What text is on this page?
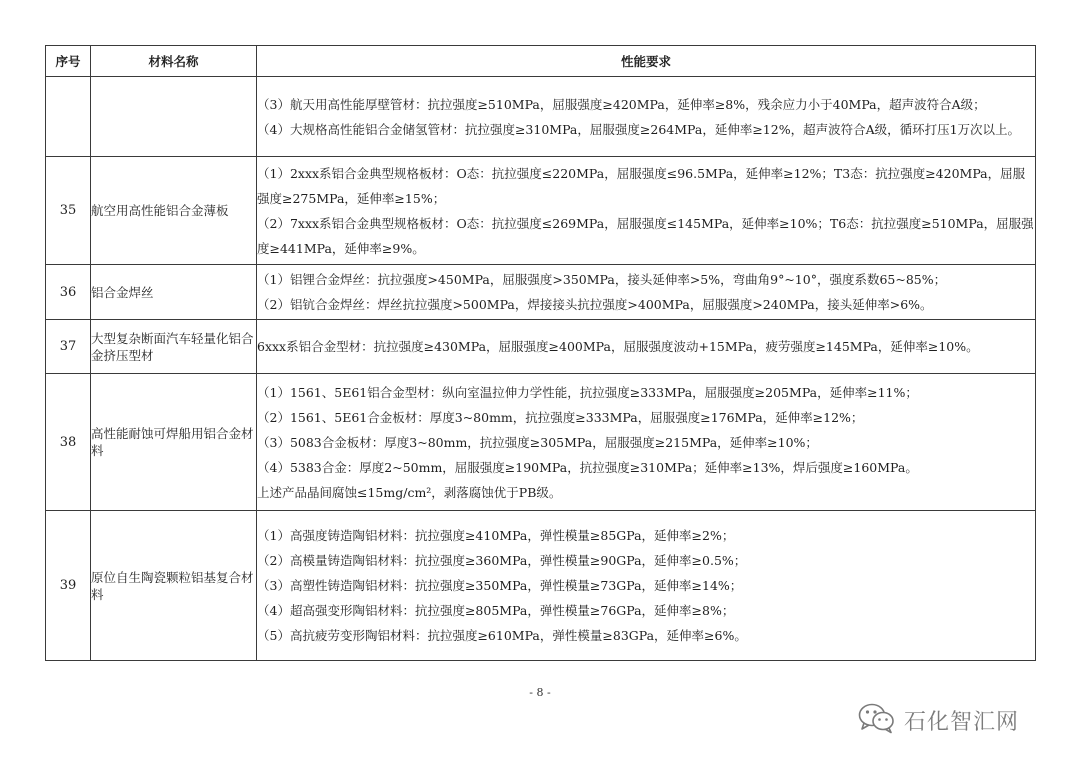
序号	材料名称	性能要求

		（3）航天用高性能厚壁管材：抗拉强度≥510MPa，屈服强度≥420MPa，延伸率≥8%，残余应力小于40MPa，超声波符合A级；
（4）大规格高性能铝合金储氢管材：抗拉强度≥310MPa，屈服强度≥264MPa，延伸率≥12%，超声波符合A级，循环打压1万次以上。

35	航空用高性能铝合金薄板	（1）2xxx系铝合金典型规格板材：O态：抗拉强度≤220MPa，屈服强度≤96.5MPa，延伸率≥12%；T3态：抗拉强度≥420MPa，屈服强度≥275MPa，延伸率≥15%；
（2）7xxx系铝合金典型规格板材：O态：抗拉强度≤269MPa，屈服强度≤145MPa，延伸率≥10%；T6态：抗拉强度≥510MPa，屈服强度≥441MPa，延伸率≥9%。

36	铝合金焊丝	（1）铝锂合金焊丝：抗拉强度>450MPa，屈服强度>350MPa，接头延伸率>5%，弯曲角9°~10°，强度系数65~85%；
（2）铝钪合金焊丝：焊丝抗拉强度>500MPa，焊接接头抗拉强度>400MPa，屈服强度>240MPa，接头延伸率>6%。

37	大型复杂断面汽车轻量化铝合金挤压型材	6xxx系铝合金型材：抗拉强度≥430MPa，屈服强度≥400MPa，屈服强度波动+15MPa，疲劳强度≥145MPa，延伸率≥10%。

38	高性能耐蚀可焊船用铝合金材料	（1）1561、5E61铝合金型材：纵向室温拉伸力学性能，抗拉强度≥333MPa，屈服强度≥205MPa，延伸率≥11%；
（2）1561、5E61合金板材：厚度3~80mm，抗拉强度≥333MPa，屈服强度≥176MPa，延伸率≥12%；
（3）5083合金板材：厚度3~80mm，抗拉强度≥305MPa，屈服强度≥215MPa，延伸率≥10%；
（4）5383合金：厚度2~50mm，屈服强度≥190MPa，抗拉强度≥310MPa；延伸率≥13%，焊后强度≥160MPa。
上述产品晶间腐蚀≤15mg/cm²，剥落腐蚀优于PB级。

39	原位自生陶瓷颗粒铝基复合材料	（1）高强度铸造陶铝材料：抗拉强度≥410MPa，弹性模量≥85GPa，延伸率≥2%；
（2）高模量铸造陶铝材料：抗拉强度≥360MPa，弹性模量≥90GPa，延伸率≥0.5%；
（3）高塑性铸造陶铝材料：抗拉强度≥350MPa，弹性模量≥73GPa，延伸率≥14%；
（4）超高强变形陶铝材料：抗拉强度≥805MPa，弹性模量≥76GPa，延伸率≥8%；
（5）高抗疲劳变形陶铝材料：抗拉强度≥610MPa，弹性模量≥83GPa，延伸率≥6%。
- 8 -
石化智汇网
